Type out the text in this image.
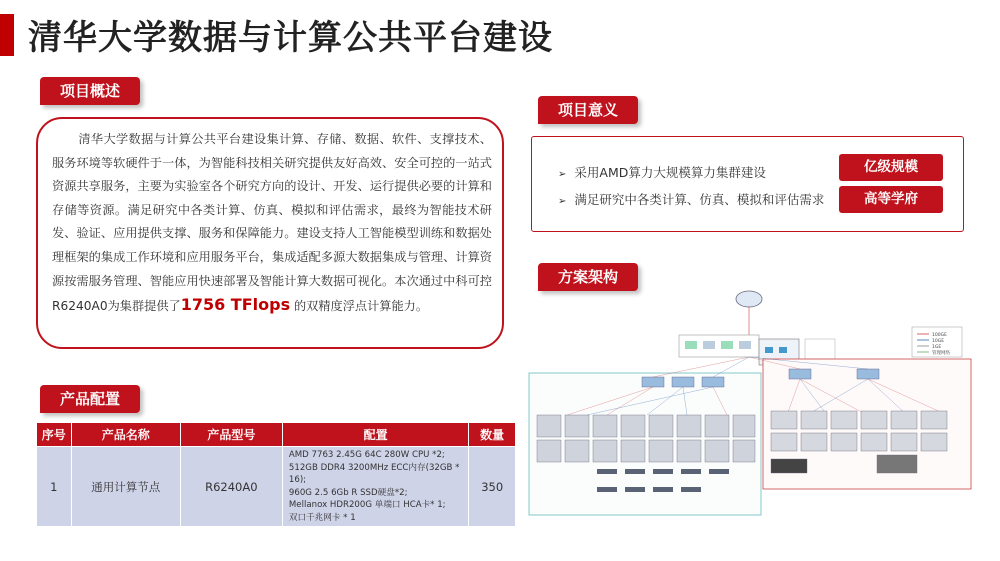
清华大学数据与计算公共平台建设
项目概述
清华大学数据与计算公共平台建设集计算、存储、数据、软件、支撑技术、服务环境等软硬件于一体，为智能科技相关研究提供友好高效、安全可控的一站式资源共享服务，主要为实验室各个研究方向的设计、开发、运行提供必要的计算和存储等资源。满足研究中各类计算、仿真、模拟和评估需求，最终为智能技术研发、验证、应用提供支撑、服务和保障能力。建设支持人工智能模型训练和数据处理框架的集成工作环境和应用服务平台，集成适配多源大数据集成与管理、计算资源按需服务管理、智能应用快速部署及智能计算大数据可视化。本次通过中科可控R6240A0为集群提供了1756 TFlops 的双精度浮点计算能力。
项目意义
➢ 采用AMD算力大规模算力集群建设
➢ 满足研究中各类计算、仿真、模拟和评估需求
亿级规模
高等学府
方案架构
100GE
10GE
1GE
管理网络
产品配置
序号	产品名称	产品型号	配置	数量
1	通用计算节点	R6240A0	AMD 7763 2.45G 64C 280W CPU *2;
512GB DDR4 3200MHz ECC内存(32GB * 16);
960G 2.5 6Gb R SSD硬盘*2;
Mellanox HDR200G 单端口 HCA卡* 1;
双口千兆网卡 * 1	350
